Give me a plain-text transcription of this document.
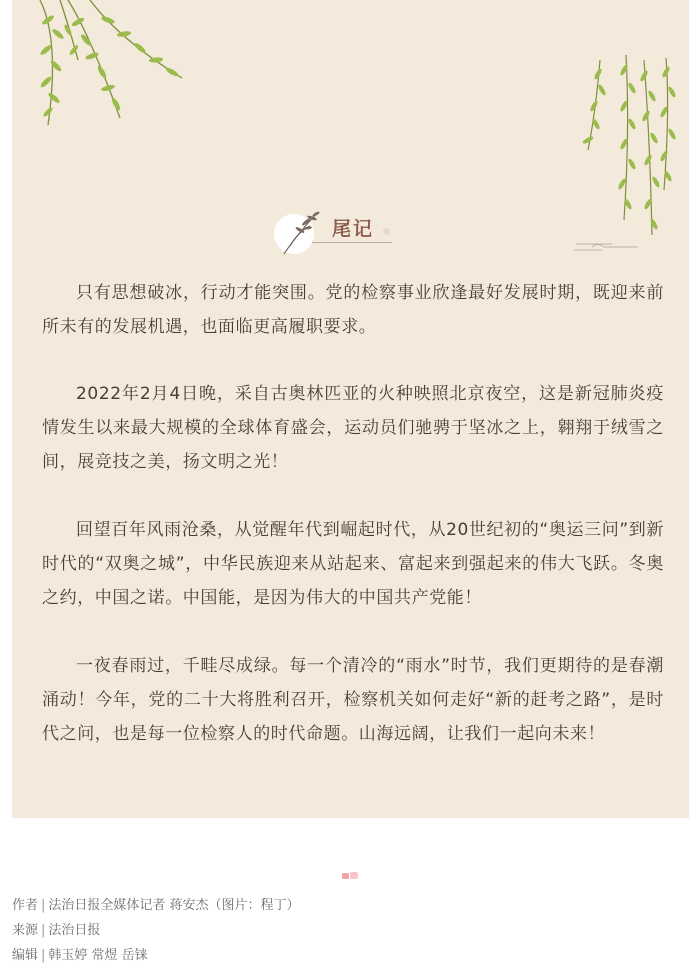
尾记

只有思想破冰，行动才能突围。党的检察事业欣逢最好发展时期，既迎来前所未有的发展机遇，也面临更高履职要求。

2022年2月4日晚，采自古奥林匹亚的火种映照北京夜空，这是新冠肺炎疫情发生以来最大规模的全球体育盛会，运动员们驰骋于坚冰之上，翱翔于绒雪之间，展竞技之美，扬文明之光！

回望百年风雨沧桑，从觉醒年代到崛起时代，从20世纪初的“奥运三问”到新时代的“双奥之城”，中华民族迎来从站起来、富起来到强起来的伟大飞跃。冬奥之约，中国之诺。中国能，是因为伟大的中国共产党能！

一夜春雨过，千畦尽成绿。每一个清冷的“雨水”时节，我们更期待的是春潮涌动！今年，党的二十大将胜利召开，检察机关如何走好“新的赶考之路”，是时代之问，也是每一位检察人的时代命题。山海远阔，让我们一起向未来！

作者 | 法治日报全媒体记者 蒋安杰（图片：程丁）
来源 | 法治日报
编辑 | 韩玉婷 常煜 岳铼
